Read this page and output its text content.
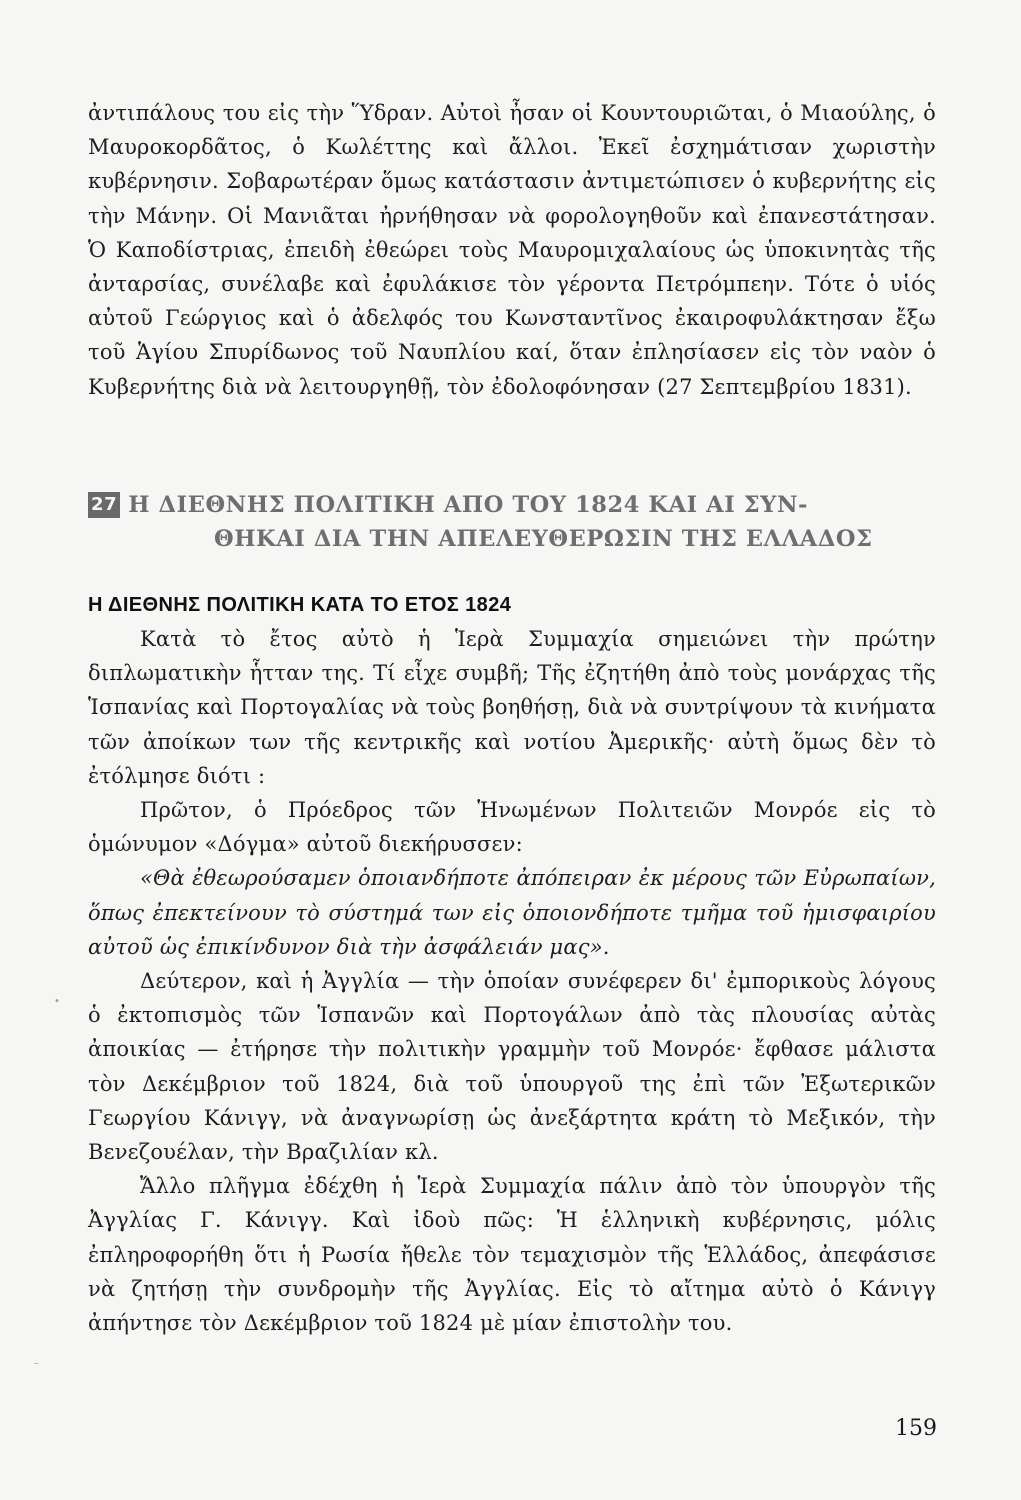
ἀντιπάλους του εἰς τὴν Ὕδραν. Αὐτοὶ ἦσαν οἱ Κουντουριῶται, ὁ Μιαούλης, ὁ Μαυροκορδᾶτος, ὁ Κωλέττης καὶ ἄλλοι. Ἐκεῖ ἐσχημάτισαν χωριστὴν κυβέρνησιν. Σοβαρωτέραν ὅμως κατάστασιν ἀντιμετώπισεν ὁ κυβερνήτης εἰς τὴν Μάνην. Οἱ Μανιᾶται ἠρνήθησαν νὰ φορολογηθοῦν καὶ ἐπανεστάτησαν. Ὁ Καποδίστριας, ἐπειδὴ ἐθεώρει τοὺς Μαυρομιχαλαίους ὡς ὑποκινητὰς τῆς ἀνταρσίας, συνέλαβε καὶ ἐφυλάκισε τὸν γέροντα Πετρόμπεην. Τότε ὁ υἱός αὐτοῦ Γεώργιος καὶ ὁ ἀδελφός του Κωνσταντῖνος ἐκαιροφυλάκτησαν ἔξω τοῦ Ἁγίου Σπυρίδωνος τοῦ Ναυπλίου καί, ὅταν ἐπλησίασεν εἰς τὸν ναὸν ὁ Κυβερνήτης διὰ νὰ λειτουργηθῇ, τὸν ἐδολοφόνησαν (27 Σεπτεμβρίου 1831).
27 Η ΔΙΕΘΝΗΣ ΠΟΛΙΤΙΚΗ ΑΠΟ ΤΟΥ 1824 ΚΑΙ ΑΙ ΣΥΝ-
ΘΗΚΑΙ ΔΙΑ ΤΗΝ ΑΠΕΛΕΥΘΕΡΩΣΙΝ ΤΗΣ ΕΛΛΑΔΟΣ
Η ΔΙΕΘΝΗΣ ΠΟΛΙΤΙΚΗ ΚΑΤΑ ΤΟ ΕΤΟΣ 1824

Κατὰ τὸ ἔτος αὐτὸ ἡ Ἱερὰ Συμμαχία σημειώνει τὴν πρώτην διπλωματικὴν ἧτταν της. Τί εἶχε συμβῆ; Τῆς ἐζητήθη ἀπὸ τοὺς μονάρχας τῆς Ἱσπανίας καὶ Πορτογαλίας νὰ τοὺς βοηθήσῃ, διὰ νὰ συντρίψουν τὰ κινήματα τῶν ἀποίκων των τῆς κεντρικῆς καὶ νοτίου Ἀμερικῆς· αὐτὴ ὅμως δὲν τὸ ἐτόλμησε διότι :

Πρῶτον, ὁ Πρόεδρος τῶν Ἡνωμένων Πολιτειῶν Μονρόε εἰς τὸ ὁμώνυμον «Δόγμα» αὐτοῦ διεκήρυσσεν:

«Θὰ ἐθεωρούσαμεν ὁποιανδήποτε ἀπόπειραν ἐκ μέρους τῶν Εὐρωπαίων, ὅπως ἐπεκτείνουν τὸ σύστημά των εἰς ὁποιονδήποτε τμῆμα τοῦ ἡμισφαιρίου αὐτοῦ ὡς ἐπικίνδυνον διὰ τὴν ἀσφάλειάν μας».

Δεύτερον, καὶ ἡ Ἀγγλία — τὴν ὁποίαν συνέφερεν δι' ἐμπορικοὺς λόγους ὁ ἐκτοπισμὸς τῶν Ἱσπανῶν καὶ Πορτογάλων ἀπὸ τὰς πλουσίας αὐτὰς ἀποικίας — ἐτήρησε τὴν πολιτικὴν γραμμὴν τοῦ Μονρόε· ἔφθασε μάλιστα τὸν Δεκέμβριον τοῦ 1824, διὰ τοῦ ὑπουργοῦ της ἐπὶ τῶν Ἐξωτερικῶν Γεωργίου Κάνιγγ, νὰ ἀναγνωρίσῃ ὡς ἀνεξάρτητα κράτη τὸ Μεξικόν, τὴν Βενεζουέλαν, τὴν Βραζιλίαν κλ.

Ἄλλο πλῆγμα ἐδέχθη ἡ Ἱερὰ Συμμαχία πάλιν ἀπὸ τὸν ὑπουργὸν τῆς Ἀγγλίας Γ. Κάνιγγ. Καὶ ἰδοὺ πῶς: Ἡ ἑλληνικὴ κυβέρνησις, μόλις ἐπληροφορήθη ὅτι ἡ Ρωσία ἤθελε τὸν τεμαχισμὸν τῆς Ἑλλάδος, ἀπεφάσισε νὰ ζητήσῃ τὴν συνδρομὴν τῆς Ἀγγλίας. Εἰς τὸ αἴτημα αὐτὸ ὁ Κάνιγγ ἀπήντησε τὸν Δεκέμβριον τοῦ 1824 μὲ μίαν ἐπιστολὴν του.

159
•
–
